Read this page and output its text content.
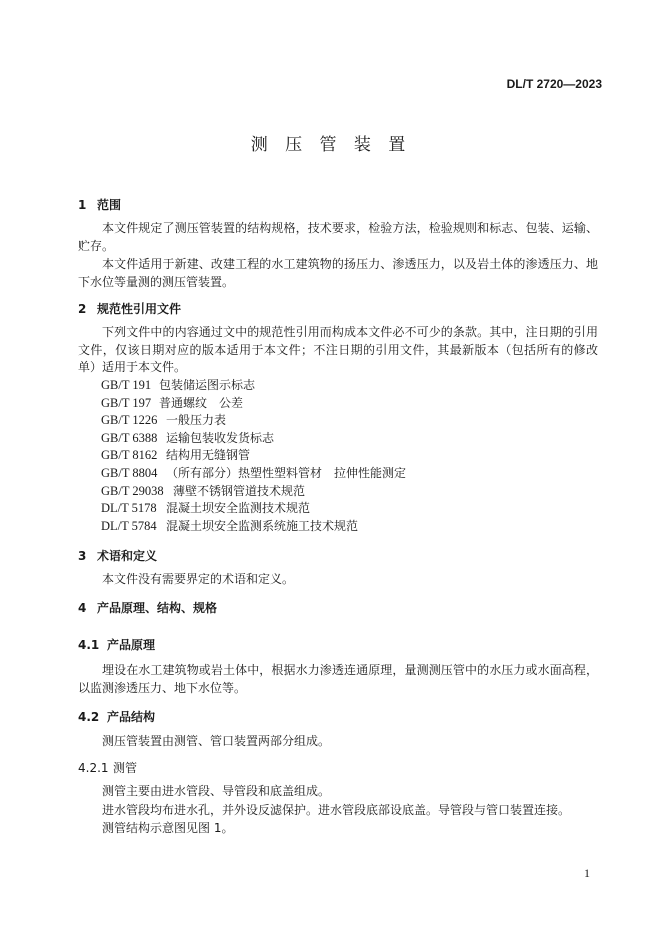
DL/T 2720—2023
测 压 管 装 置
1 范围

本文件规定了测压管装置的结构规格，技术要求，检验方法，检验规则和标志、包装、运输、贮存。

本文件适用于新建、改建工程的水工建筑物的扬压力、渗透压力，以及岩土体的渗透压力、地下水位等量测的测压管装置。

2 规范性引用文件

下列文件中的内容通过文中的规范性引用而构成本文件必不可少的条款。其中，注日期的引用文件，仅该日期对应的版本适用于本文件；不注日期的引用文件，其最新版本（包括所有的修改单）适用于本文件。

GB/T 191 包装储运图示标志
GB/T 197 普通螺纹　公差
GB/T 1226 一般压力表
GB/T 6388 运输包装收发货标志
GB/T 8162 结构用无缝钢管
GB/T 8804 （所有部分）热塑性塑料管材　拉伸性能测定
GB/T 29038 薄壁不锈钢管道技术规范
DL/T 5178 混凝土坝安全监测技术规范
DL/T 5784 混凝土坝安全监测系统施工技术规范
3 术语和定义

本文件没有需要界定的术语和定义。

4 产品原理、结构、规格
4.1 产品原理

埋设在水工建筑物或岩土体中，根据水力渗透连通原理，量测测压管中的水压力或水面高程，以监测渗透压力、地下水位等。

4.2 产品结构

测压管装置由测管、管口装置两部分组成。

4.2.1 测管

测管主要由进水管段、导管段和底盖组成。

进水管段均布进水孔，并外设反滤保护。进水管段底部设底盖。导管段与管口装置连接。

测管结构示意图见图 1。

1
